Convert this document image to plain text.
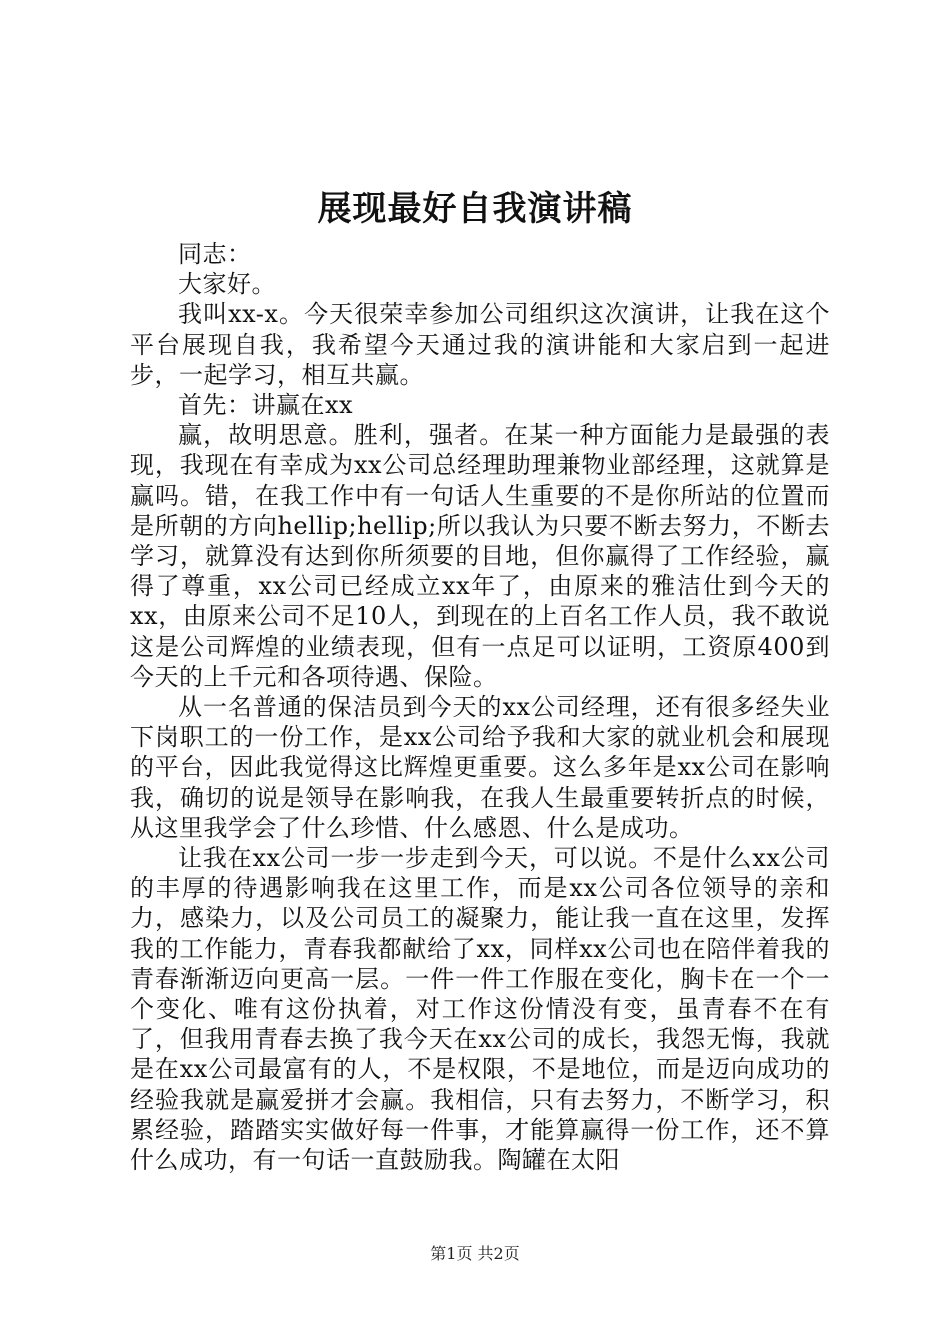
展现最好自我演讲稿

同志：

大家好。

我叫xx-x。今天很荣幸参加公司组织这次演讲，让我在这个平台展现自我，我希望今天通过我的演讲能和大家启到一起进步，一起学习，相互共赢。

首先：讲赢在xx

赢，故明思意。胜利，强者。在某一种方面能力是最强的表现，我现在有幸成为xx公司总经理助理兼物业部经理，这就算是赢吗。错，在我工作中有一句话人生重要的不是你所站的位置而是所朝的方向hellip;hellip;所以我认为只要不断去努力，不断去学习，就算没有达到你所须要的目地，但你赢得了工作经验，赢得了尊重，xx公司已经成立xx年了，由原来的雅洁仕到今天的xx，由原来公司不足10人，到现在的上百名工作人员，我不敢说这是公司辉煌的业绩表现，但有一点足可以证明，工资原400到今天的上千元和各项待遇、保险。

从一名普通的保洁员到今天的xx公司经理，还有很多经失业下岗职工的一份工作，是xx公司给予我和大家的就业机会和展现的平台，因此我觉得这比辉煌更重要。这么多年是xx公司在影响我，确切的说是领导在影响我，在我人生最重要转折点的时候，从这里我学会了什么珍惜、什么感恩、什么是成功。

让我在xx公司一步一步走到今天，可以说。不是什么xx公司的丰厚的待遇影响我在这里工作，而是xx公司各位领导的亲和力，感染力，以及公司员工的凝聚力，能让我一直在这里，发挥我的工作能力，青春我都献给了xx，同样xx公司也在陪伴着我的青春渐渐迈向更高一层。一件一件工作服在变化，胸卡在一个一个变化、唯有这份执着，对工作这份情没有变，虽青春不在有了，但我用青春去换了我今天在xx公司的成长，我怨无悔，我就是在xx公司最富有的人，不是权限，不是地位，而是迈向成功的经验我就是赢爱拼才会赢。我相信，只有去努力，不断学习，积累经验，踏踏实实做好每一件事，才能算赢得一份工作，还不算什么成功，有一句话一直鼓励我。陶罐在太阳

第1页 共2页
